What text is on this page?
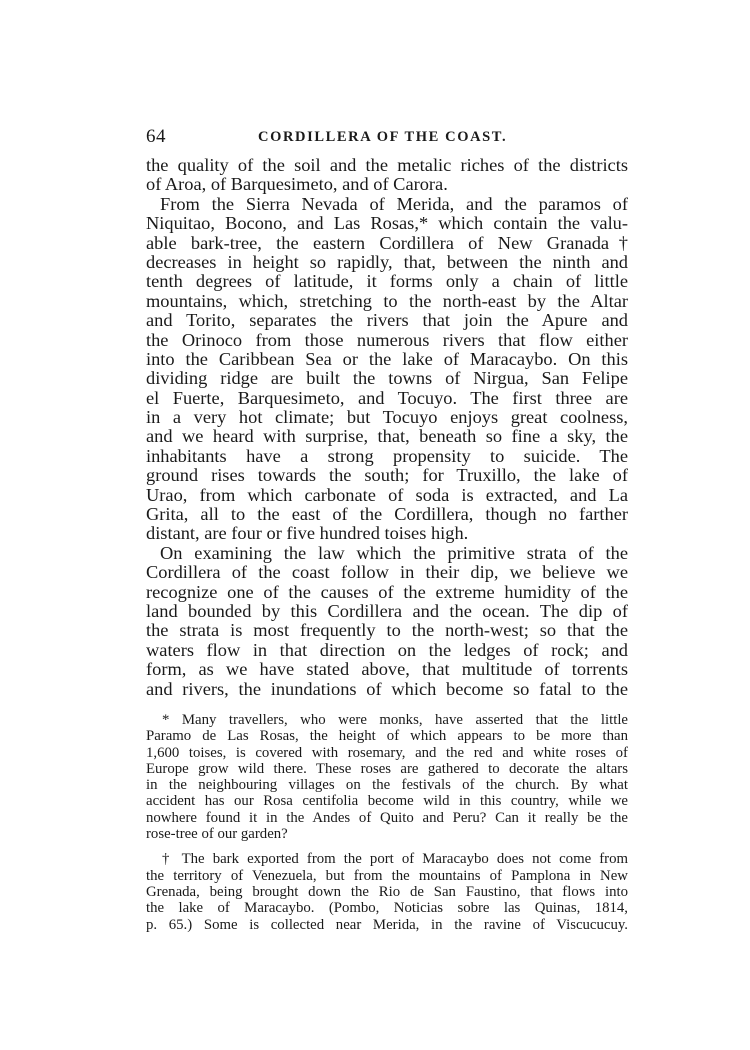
64	CORDILLERA OF THE COAST.
the quality of the soil and the metalic riches of the districts
of Aroa, of Barquesimeto, and of Carora.
From the Sierra Nevada of Merida, and the paramos of
Niquitao, Bocono, and Las Rosas,* which contain the valu-
able bark-tree, the eastern Cordillera of New Granada†
decreases in height so rapidly, that, between the ninth and
tenth degrees of latitude, it forms only a chain of little
mountains, which, stretching to the north-east by the Altar
and Torito, separates the rivers that join the Apure and
the Orinoco from those numerous rivers that flow either
into the Caribbean Sea or the lake of Maracaybo. On this
dividing ridge are built the towns of Nirgua, San Felipe
el Fuerte, Barquesimeto, and Tocuyo. The first three are
in a very hot climate; but Tocuyo enjoys great coolness,
and we heard with surprise, that, beneath so fine a sky, the
inhabitants have a strong propensity to suicide. The
ground rises towards the south; for Truxillo, the lake of
Urao, from which carbonate of soda is extracted, and La
Grita, all to the east of the Cordillera, though no farther
distant, are four or five hundred toises high.
On examining the law which the primitive strata of the
Cordillera of the coast follow in their dip, we believe we
recognize one of the causes of the extreme humidity of the
land bounded by this Cordillera and the ocean. The dip of
the strata is most frequently to the north-west; so that the
waters flow in that direction on the ledges of rock; and
form, as we have stated above, that multitude of torrents
and rivers, the inundations of which become so fatal to the
* Many travellers, who were monks, have asserted that the little
Paramo de Las Rosas, the height of which appears to be more than
1,600 toises, is covered with rosemary, and the red and white roses of
Europe grow wild there. These roses are gathered to decorate the altars
in the neighbouring villages on the festivals of the church. By what
accident has our Rosa centifolia become wild in this country, while we
nowhere found it in the Andes of Quito and Peru? Can it really be the
rose-tree of our garden?
† The bark exported from the port of Maracaybo does not come from
the territory of Venezuela, but from the mountains of Pamplona in New
Grenada, being brought down the Rio de San Faustino, that flows into
the lake of Maracaybo. (Pombo, Noticias sobre las Quinas, 1814,
p. 65.) Some is collected near Merida, in the ravine of Viscucucuy.
